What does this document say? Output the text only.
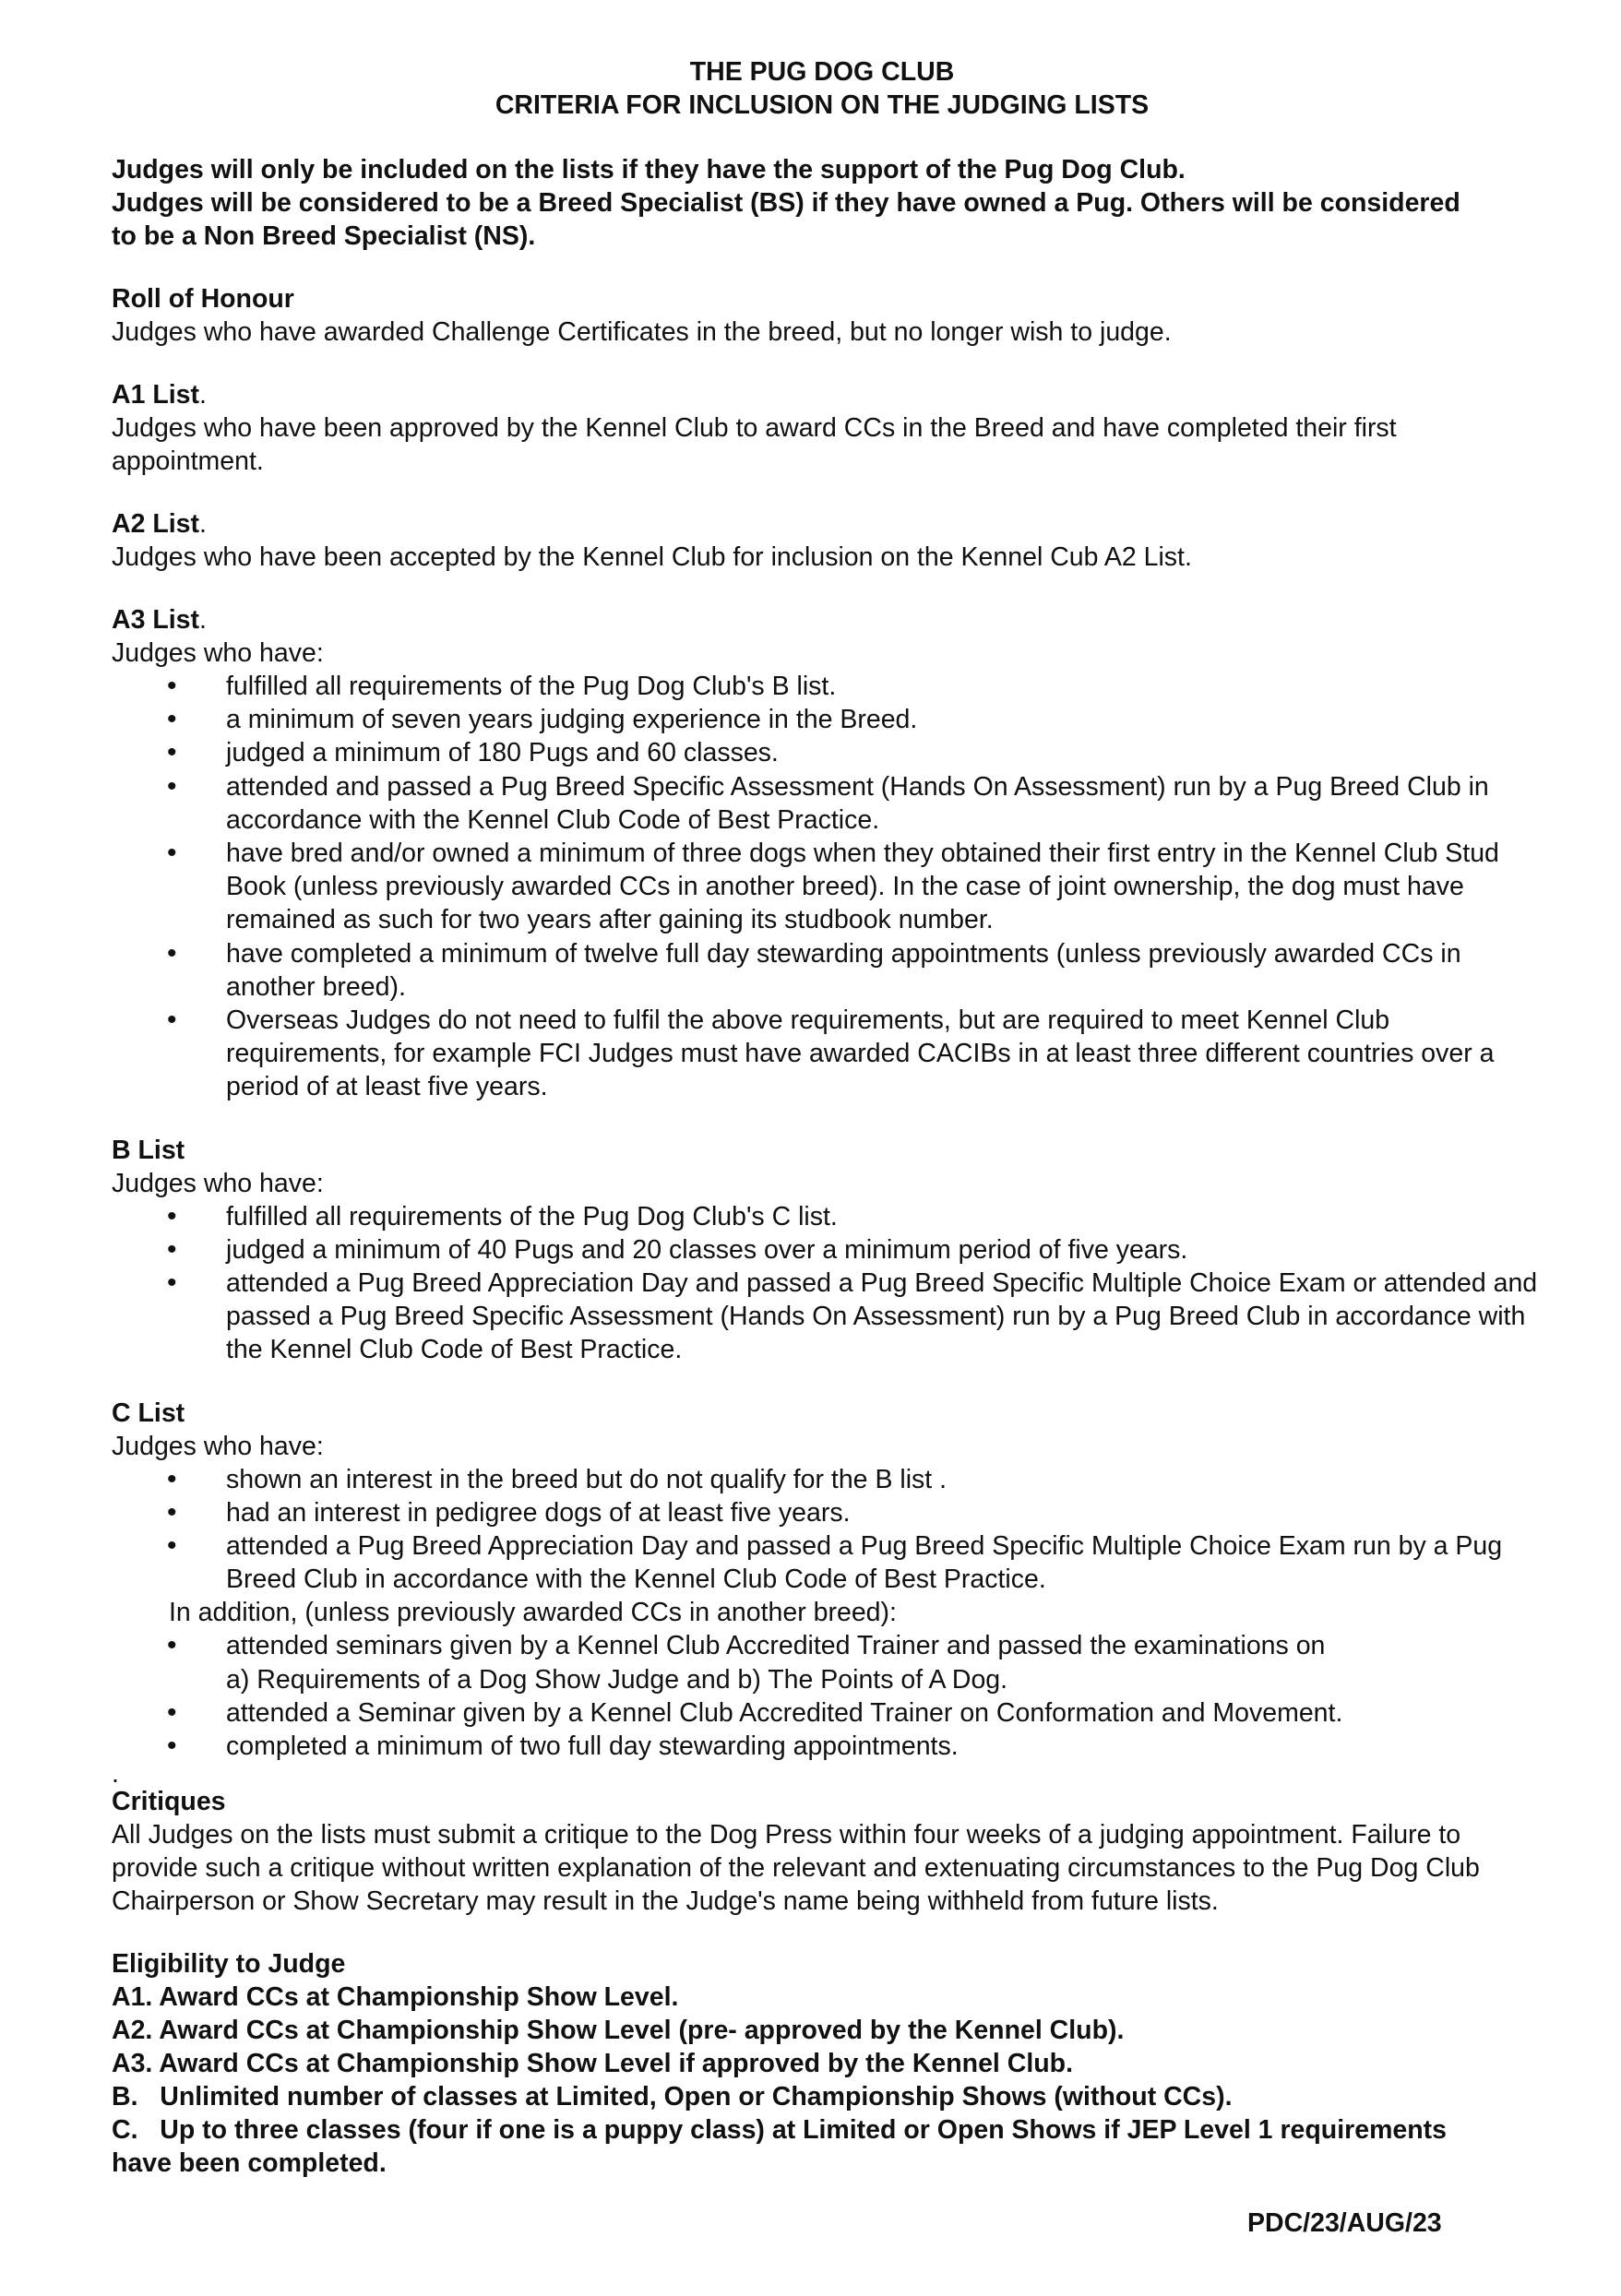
THE PUG DOG CLUB
CRITERIA FOR INCLUSION ON THE JUDGING LISTS

Judges will only be included on the lists if they have the support of the Pug Dog Club.

Judges will be considered to be a Breed Specialist (BS) if they have owned a Pug. Others will be considered to be a Non Breed Specialist (NS).

Roll of Honour

Judges who have awarded Challenge Certificates in the breed, but no longer wish to judge.

A1 List.

Judges who have been approved by the Kennel Club to award CCs in the Breed and have completed their first appointment.

A2 List.

Judges who have been accepted by the Kennel Club for inclusion on the Kennel Cub A2 List.

A3 List.

Judges who have:

• fulfilled all requirements of the Pug Dog Club's B list.
• a minimum of seven years judging experience in the Breed.
• judged a minimum of 180 Pugs and 60 classes.
• attended and passed a Pug Breed Specific Assessment (Hands On Assessment) run by a Pug Breed Club in accordance with the Kennel Club Code of Best Practice.
• have bred and/or owned a minimum of three dogs when they obtained their first entry in the Kennel Club Stud Book (unless previously awarded CCs in another breed). In the case of joint ownership, the dog must have remained as such for two years after gaining its studbook number.
• have completed a minimum of twelve full day stewarding appointments (unless previously awarded CCs in another breed).
• Overseas Judges do not need to fulfil the above requirements, but are required to meet Kennel Club requirements, for example FCI Judges must have awarded CACIBs in at least three different countries over a period of at least five years.

B List

Judges who have:

• fulfilled all requirements of the Pug Dog Club's C list.
• judged a minimum of 40 Pugs and 20 classes over a minimum period of five years.
• attended a Pug Breed Appreciation Day and passed a Pug Breed Specific Multiple Choice Exam or attended and passed a Pug Breed Specific Assessment (Hands On Assessment) run by a Pug Breed Club in accordance with the Kennel Club Code of Best Practice.

C List

Judges who have:

• shown an interest in the breed but do not qualify for the B list .
• had an interest in pedigree dogs of at least five years.
• attended a Pug Breed Appreciation Day and passed a Pug Breed Specific Multiple Choice Exam run by a Pug Breed Club in accordance with the Kennel Club Code of Best Practice.

In addition, (unless previously awarded CCs in another breed):

• attended seminars given by a Kennel Club Accredited Trainer and passed the examinations on
a) Requirements of a Dog Show Judge and b) The Points of A Dog.
• attended a Seminar given by a Kennel Club Accredited Trainer on Conformation and Movement.
• completed a minimum of two full day stewarding appointments.

.

Critiques

All Judges on the lists must submit a critique to the Dog Press within four weeks of a judging appointment. Failure to provide such a critique without written explanation of the relevant and extenuating circumstances to the Pug Dog Club Chairperson or Show Secretary may result in the Judge's name being withheld from future lists.

Eligibility to Judge

A1. Award CCs at Championship Show Level.

A2. Award CCs at Championship Show Level (pre- approved by the Kennel Club).

A3. Award CCs at Championship Show Level if approved by the Kennel Club.

B.   Unlimited number of classes at Limited, Open or Championship Shows (without CCs).

C.   Up to three classes (four if one is a puppy class) at Limited or Open Shows if JEP Level 1 requirements have been completed.

PDC/23/AUG/23
